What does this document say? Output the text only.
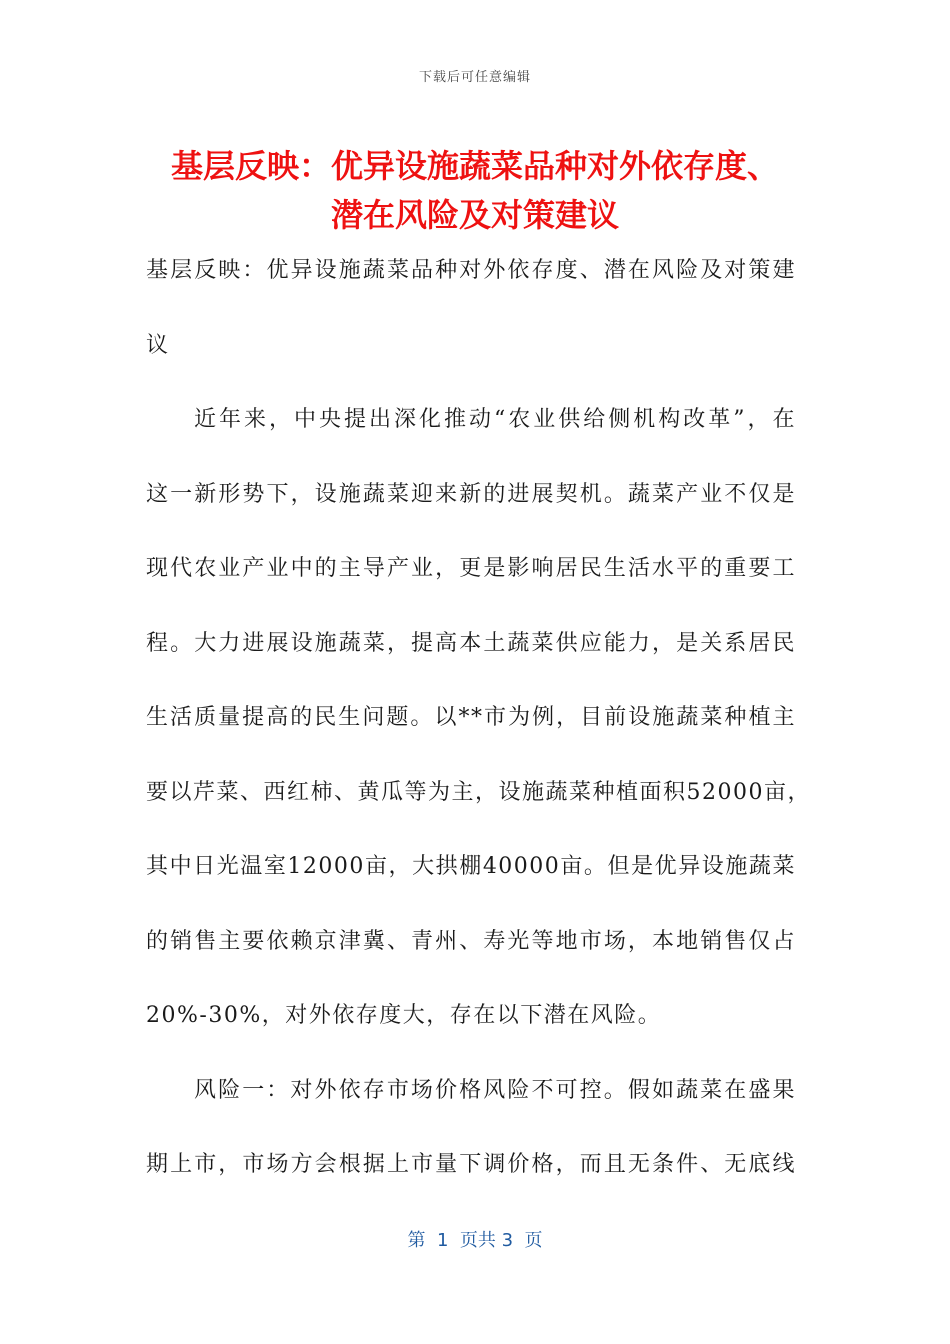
下载后可任意编辑
基层反映：优异设施蔬菜品种对外依存度、
潜在风险及对策建议
基层反映：优异设施蔬菜品种对外依存度、潜在风险及对策建
议
近年来，中央提出深化推动“农业供给侧机构改革”，在
这一新形势下，设施蔬菜迎来新的进展契机。蔬菜产业不仅是
现代农业产业中的主导产业，更是影响居民生活水平的重要工
程。大力进展设施蔬菜，提高本土蔬菜供应能力，是关系居民
生活质量提高的民生问题。以**市为例，目前设施蔬菜种植主
要以芹菜、西红柿、黄瓜等为主，设施蔬菜种植面积52000亩，
其中日光温室12000亩，大拱棚40000亩。但是优异设施蔬菜
的销售主要依赖京津冀、青州、寿光等地市场，本地销售仅占
20%-30%，对外依存度大，存在以下潜在风险。
风险一：对外依存市场价格风险不可控。假如蔬菜在盛果
期上市，市场方会根据上市量下调价格，而且无条件、无底线
第  1  页共 3  页
